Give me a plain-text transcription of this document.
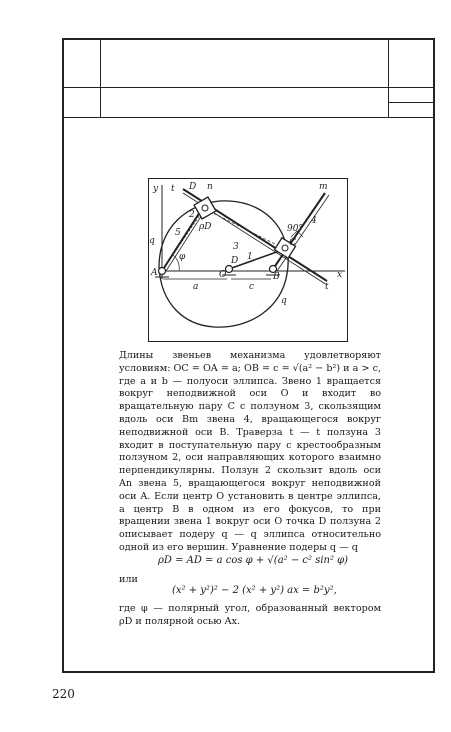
y t D n	m
2
5
ρD
3
90°
4
C
q
D 1
φ
A	O	B
a	c
x
t
q

Длины звеньев механизма удовлетворяют условиям: OC = OA = a; OB = c = √(a² − b²) и a > c, где a и b — полуоси эллипса. Звено 1 вращается вокруг неподвижной оси O и входит во вращательную пару C с ползуном 3, скользящим вдоль оси Bm звена 4, вращающегося вокруг неподвижной оси B. Траверза t — t ползуна 3 входит в поступательную пару с крестообразным ползуном 2, оси направляющих которого взаимно перпендикулярны. Ползун 2 скользит вдоль оси An звена 5, вращающегося вокруг неподвижной оси A. Если центр O установить в центре эллипса, а центр B в одном из его фокусов, то при вращении звена 1 вокруг оси O точка D ползуна 2 описывает подеру q — q эллипса относительно одной из его вершин. Уравнение подеры q — q

ρD = AD = a cos φ + √(a² − c² sin² φ)
или
(x² + y²)² − 2 (x² + y²) ax = b²y²,

где φ — полярный угол, образованный вектором ρD и полярной осью Ax.

220
